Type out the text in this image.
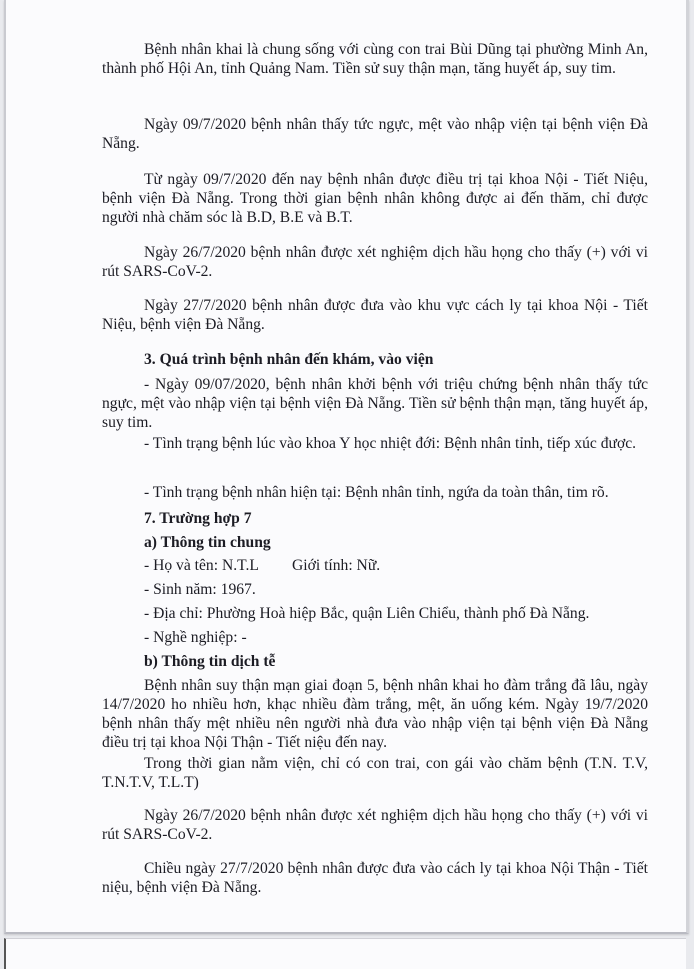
Bệnh nhân khai là chung sống với cùng con trai Bùi Dũng tại phường Minh An, thành phố Hội An, tỉnh Quảng Nam. Tiền sử suy thận mạn, tăng huyết áp, suy tim.

Ngày 09/7/2020 bệnh nhân thấy tức ngực, mệt vào nhập viện tại bệnh viện Đà Nẵng.

Từ ngày 09/7/2020 đến nay bệnh nhân được điều trị tại khoa Nội - Tiết Niệu, bệnh viện Đà Nẵng. Trong thời gian bệnh nhân không được ai đến thăm, chỉ được người nhà chăm sóc là B.D, B.E và B.T.

Ngày 26/7/2020 bệnh nhân được xét nghiệm dịch hầu họng cho thấy (+) với vi rút SARS-CoV-2.

Ngày 27/7/2020 bệnh nhân được đưa vào khu vực cách ly tại khoa Nội - Tiết Niệu, bệnh viện Đà Nẵng.

3. Quá trình bệnh nhân đến khám, vào viện

- Ngày 09/07/2020, bệnh nhân khởi bệnh với triệu chứng bệnh nhân thấy tức ngực, mệt vào nhập viện tại bệnh viện Đà Nẵng. Tiền sử bệnh thận mạn, tăng huyết áp, suy tim.

- Tình trạng bệnh lúc vào khoa Y học nhiệt đới: Bệnh nhân tỉnh, tiếp xúc được.

- Tình trạng bệnh nhân hiện tại: Bệnh nhân tỉnh, ngứa da toàn thân, tim rõ.

7. Trường hợp 7

a) Thông tin chung

- Họ và tên: N.T.L Giới tính: Nữ.

- Sinh năm: 1967.

- Địa chỉ: Phường Hoà hiệp Bắc, quận Liên Chiểu, thành phố Đà Nẵng.

- Nghề nghiệp: -

b) Thông tin dịch tễ

Bệnh nhân suy thận mạn giai đoạn 5, bệnh nhân khai ho đàm trắng đã lâu, ngày 14/7/2020 ho nhiều hơn, khạc nhiều đàm trắng, mệt, ăn uống kém. Ngày 19/7/2020 bệnh nhân thấy mệt nhiều nên người nhà đưa vào nhập viện tại bệnh viện Đà Nẵng điều trị tại khoa Nội Thận - Tiết niệu đến nay.

Trong thời gian nằm viện, chỉ có con trai, con gái vào chăm bệnh (T.N. T.V, T.N.T.V, T.L.T)

Ngày 26/7/2020 bệnh nhân được xét nghiệm dịch hầu họng cho thấy (+) với vi rút SARS-CoV-2.

Chiều ngày 27/7/2020 bệnh nhân được đưa vào cách ly tại khoa Nội Thận - Tiết niệu, bệnh viện Đà Nẵng.
